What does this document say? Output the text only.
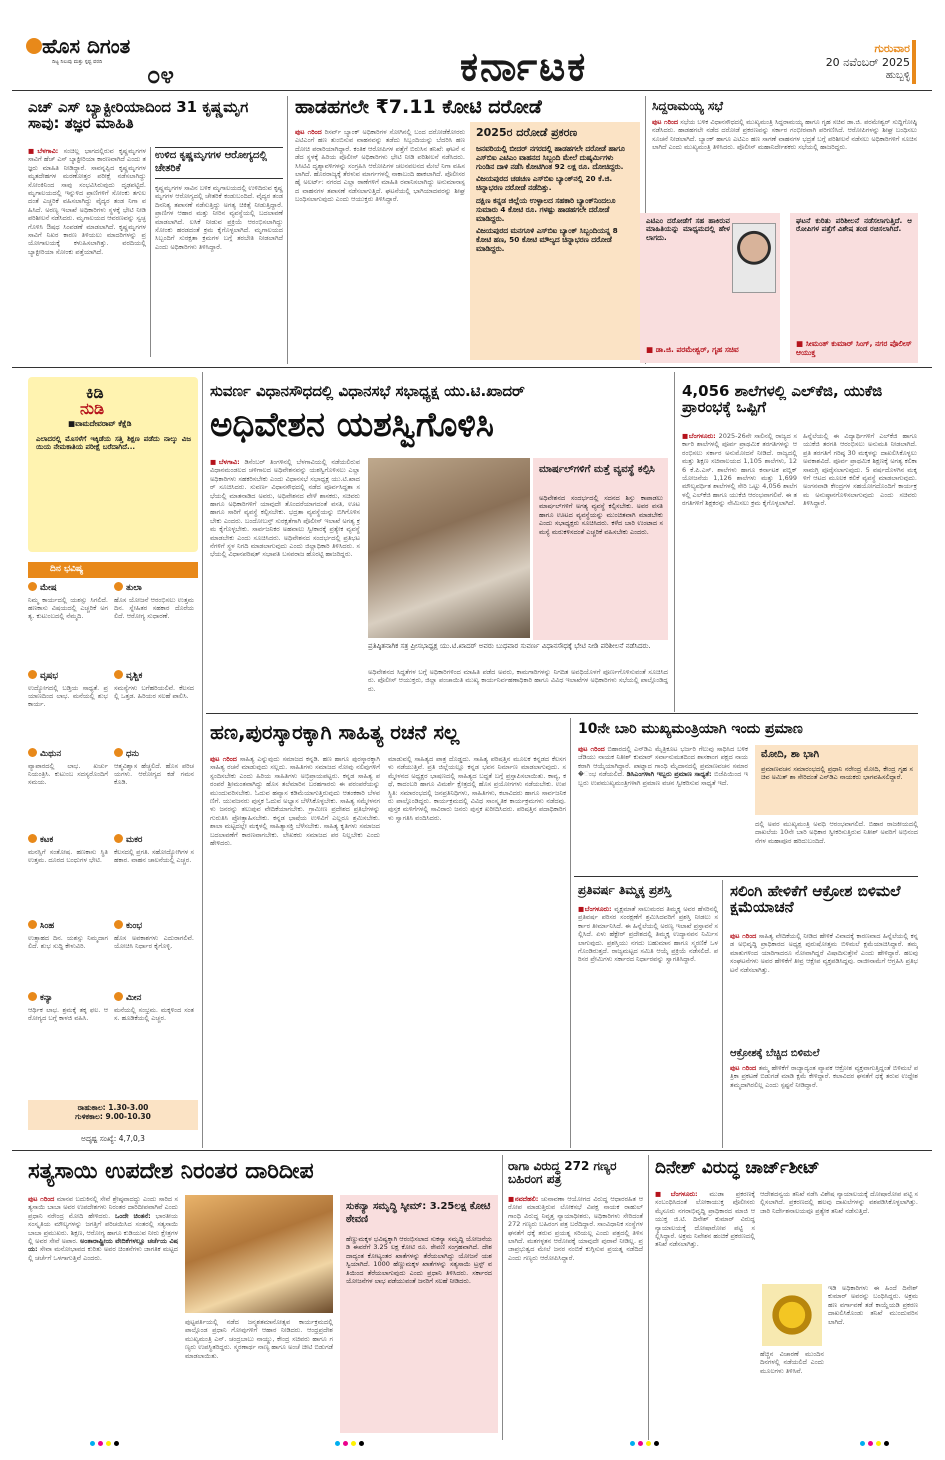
ಹೊಸ ದಿಗಂತ
ದಿಟ್ಟ ನಿಲುವು ಮತ್ತು ಸ್ಪಷ್ಟ ವರದಿ ೦೪	ಕರ್ನಾಟಕ	ಗುರುವಾರ
20 ನವೆಂಬರ್ 2025
ಹುಬ್ಬಳ್ಳಿ
ಎಚ್ ಎಸ್ ಬ್ಯಾಕ್ಟೀರಿಯಾದಿಂದ 31 ಕೃಷ್ಣಮೃಗ ಸಾವು: ತಜ್ಞರ ಮಾಹಿತಿ
■ಬೆಳಗಾವಿ: ಸಂಚಿಲ್ಲ ಭಾಗದಲ್ಲಿರುವ ಕೃಷ್ಣಮೃಗಗಳ ಸಾವಿಗೆ ಹೆಚ್ ಎಸ್ ಬ್ಯಾಕ್ಟೀರಿಯಾ ಕಾರಣವಾಗಿದೆ ಎಂದು ತಜ್ಞರು ಮಾಹಿತಿ ನೀಡಿದ್ದಾರೆ. ಸಾವನ್ನಪ್ಪಿದ ಕೃಷ್ಣಮೃಗಗಳ ಮೃತದೇಹಗಳ ಮರಣೋತ್ತರ ಪರೀಕ್ಷೆ ನಡೆಸಲಾಗಿದ್ದು ಸೋಂಕಿನಿಂದ ಸಾವು ಸಂಭವಿಸಿರುವುದು ದೃಢಪಟ್ಟಿದೆ. ಮೃಗಾಲಯದಲ್ಲಿ ಇನ್ನುಳಿದ ಪ್ರಾಣಿಗಳಿಗೆ ಸೋಂಕು ತಗುಲದಂತೆ ಎಚ್ಚರಿಕೆ ವಹಿಸಲಾಗಿದ್ದು ವೈದ್ಯರ ತಂಡ ನಿಗಾ ವಹಿಸಿದೆ. ಅರಣ್ಯ ಇಲಾಖೆ ಅಧಿಕಾರಿಗಳು ಸ್ಥಳಕ್ಕೆ ಭೇಟಿ ನೀಡಿ ಪರಿಶೀಲನೆ ನಡೆಸಿದರು. ಮೃಗಾಲಯದ ಆವರಣವನ್ನು ಸ್ವಚ್ಛಗೊಳಿಸಿ ಔಷಧ ಸಿಂಪಡಣೆ ಮಾಡಲಾಗಿದೆ. ಕೃಷ್ಣಮೃಗಗಳ ಸಾವಿಗೆ ನಿಖರ ಕಾರಣ ತಿಳಿಯಲು ಮಾದರಿಗಳನ್ನು ಪ್ರಯೋಗಾಲಯಕ್ಕೆ ಕಳುಹಿಸಲಾಗಿತ್ತು. ವರದಿಯಲ್ಲಿ ಬ್ಯಾಕ್ಟೀರಿಯಾ ಸೋಂಕು ಪತ್ತೆಯಾಗಿದೆ.
ಉಳಿದ ಕೃಷ್ಣಮೃಗಗಳ ಆರೋಗ್ಯದಲ್ಲಿ ಚೇತರಿಕೆ
ಕೃಷ್ಣಮೃಗಗಳ ಸಾವಿನ ಬಳಿಕ ಮೃಗಾಲಯದಲ್ಲಿ ಉಳಿದಿರುವ ಕೃಷ್ಣಮೃಗಗಳ ಆರೋಗ್ಯದಲ್ಲಿ ಚೇತರಿಕೆ ಕಂಡುಬಂದಿದೆ. ವೈದ್ಯರ ತಂಡ ದಿನನಿತ್ಯ ತಪಾಸಣೆ ನಡೆಸುತ್ತಿದ್ದು ಅಗತ್ಯ ಚಿಕಿತ್ಸೆ ನೀಡುತ್ತಿದ್ದಾರೆ. ಪ್ರಾಣಿಗಳ ಆಹಾರ ಮತ್ತು ನೀರಿನ ವ್ಯವಸ್ಥೆಯಲ್ಲಿ ಬದಲಾವಣೆ ಮಾಡಲಾಗಿದೆ. ಲಸಿಕೆ ನೀಡುವ ಪ್ರಕ್ರಿಯೆ ಆರಂಭಿಸಲಾಗಿದ್ದು ಸೋಂಕು ಹರಡದಂತೆ ಕ್ರಮ ಕೈಗೊಳ್ಳಲಾಗಿದೆ. ಮೃಗಾಲಯದ ಸಿಬ್ಬಂದಿಗೆ ಸುರಕ್ಷತಾ ಕ್ರಮಗಳ ಬಗ್ಗೆ ತರಬೇತಿ ನೀಡಲಾಗಿದೆ ಎಂದು ಅಧಿಕಾರಿಗಳು ತಿಳಿಸಿದ್ದಾರೆ.
ಹಾಡಹಗಲೇ ₹7.11 ಕೋಟಿ ದರೋಡೆ
ಪುಟ ೧ರಿಂದ ರಿಸರ್ವ್ ಬ್ಯಾಂಕ್ ಅಧಿಕಾರಿಗಳ ಸೋಗಿನಲ್ಲಿ ಬಂದ ದರೋಡೆಕೋರರು ಎಟಿಎಂಗೆ ಹಣ ತುಂಬಿಸುವ ವಾಹನವನ್ನು ತಡೆದು ಸಿಬ್ಬಂದಿಯನ್ನು ಬೆದರಿಸಿ ಹಣ ದೋಚಿ ಪರಾರಿಯಾಗಿದ್ದಾರೆ. ಕಂತಿಕ ಆರೋಪಿಗಳ ಪತ್ತೆಗೆ ಬಿರುಸಿನ ತನಿಖೆ: ಘಟನೆ ನಡೆದ ಸ್ಥಳಕ್ಕೆ ಹಿರಿಯ ಪೊಲೀಸ್ ಅಧಿಕಾರಿಗಳು ಭೇಟಿ ನೀಡಿ ಪರಿಶೀಲನೆ ನಡೆಸಿದರು. ಸಿಸಿಟಿವಿ ದೃಶ್ಯಾವಳಿಗಳನ್ನು ಸಂಗ್ರಹಿಸಿ ಆರೋಪಿಗಳ ಚಲನವಲನದ ಮೇಲೆ ನಿಗಾ ವಹಿಸಲಾಗಿದೆ. ಹೊರರಾಜ್ಯಕ್ಕೆ ತೆರಳುವ ಮಾರ್ಗಗಳಲ್ಲಿ ನಾಕಾಬಂದಿ ಹಾಕಲಾಗಿದೆ. ಪೊಲೀಸರ ಹೈ ಅಲರ್ಟ್: ನಗರದ ಎಲ್ಲಾ ಠಾಣೆಗಳಿಗೆ ಮಾಹಿತಿ ರವಾನಿಸಲಾಗಿದ್ದು ಅನುಮಾನಾಸ್ಪದ ವಾಹನಗಳ ತಪಾಸಣೆ ನಡೆಸಲಾಗುತ್ತಿದೆ. ಘಟನೆಯಲ್ಲಿ ಭಾಗಿಯಾದವರನ್ನು ಶೀಘ್ರ ಬಂಧಿಸಲಾಗುವುದು ಎಂದು ಆಯುಕ್ತರು ತಿಳಿಸಿದ್ದಾರೆ.
2025ರ ದರೋಡೆ ಪ್ರಕರಣ
ಜನವರಿಯಲ್ಲಿ ಬೀದರ್ ನಗರದಲ್ಲಿ ಹಾಡಹಗಲೇ ದರೋಡೆ ಹಾಗೂ ಎಸ್‌ಬಿಐ ಎಟಿಎಂ ವಾಹನದ ಸಿಬ್ಬಂದಿ ಮೇಲೆ ದುಷ್ಕರ್ಮಿಗಳು ಗುಂಡಿನ ದಾಳಿ ನಡೆಸಿ ಕೋಟಿಗಿಂತ 92 ಲಕ್ಷ ರೂ. ದೋಚಿದ್ದರು.
ವಿಜಯಪುರದ ಚಡಚಣ ಎಸ್‌ಬಿಐ ಬ್ಯಾಂಕ್‌ನಲ್ಲಿ 20 ಕೆ.ಜಿ. ಚಿನ್ನಾಭರಣ ದರೋಡೆ ನಡೆದಿತ್ತು.
ದಕ್ಷಿಣ ಕನ್ನಡ ಜಿಲ್ಲೆಯ ಉಳ್ಳಾಲದ ಸಹಕಾರಿ ಬ್ಯಾಂಕ್‌ನಿಂದಲೂ ಸುಮಾರು 4 ಕೋಟಿ ರೂ. ಗಳಷ್ಟು ಹಾಡಹಗಲೇ ದರೋಡೆ ಮಾಡಿದ್ದರು.
ವಿಜಯಪುರದ ಮನಗೂಳಿ ಎಸ್‌ಬಿಐ ಬ್ಯಾಂಕ್ ಸಿಬ್ಬಂದಿಯನ್ನ 8 ಕೋಟಿ ಹಣ, 50 ಕೋಟಿ ಮೌಲ್ಯದ ಚಿನ್ನಾಭರಣ ದರೋಡೆ ಮಾಡಿದ್ದರು.
ಸಿದ್ದರಾಮಯ್ಯ ಸಭೆ
ಪುಟ ೧ರಿಂದ ಸಭೆಯ ಬಳಿಕ ವಿಧಾನಸೌಧದಲ್ಲಿ ಮುಖ್ಯಮಂತ್ರಿ ಸಿದ್ದರಾಮಯ್ಯ ಹಾಗೂ ಗೃಹ ಸಚಿವ ಡಾ.ಜಿ. ಪರಮೇಶ್ವರ್ ಸುದ್ದಿಗೋಷ್ಠಿ ನಡೆಸಿದರು. ಹಾಡಹಗಲೇ ನಡೆದ ದರೋಡೆ ಪ್ರಕರಣವನ್ನು ಸರ್ಕಾರ ಗಂಭೀರವಾಗಿ ಪರಿಗಣಿಸಿದೆ. ಆರೋಪಿಗಳನ್ನು ಶೀಘ್ರ ಬಂಧಿಸಲು ಸೂಚನೆ ನೀಡಲಾಗಿದೆ. ಬ್ಯಾಂಕ್ ಹಾಗೂ ಎಟಿಎಂ ಹಣ ಸಾಗಣೆ ವಾಹನಗಳ ಭದ್ರತೆ ಬಗ್ಗೆ ಪರಿಶೀಲನೆ ನಡೆಸಲು ಅಧಿಕಾರಿಗಳಿಗೆ ಸೂಚಿಸಲಾಗಿದೆ ಎಂದು ಮುಖ್ಯಮಂತ್ರಿ ತಿಳಿಸಿದರು. ಪೊಲೀಸ್ ಮಹಾನಿರ್ದೇಶಕರು ಸಭೆಯಲ್ಲಿ ಹಾಜರಿದ್ದರು.
ಎಟಿಎಂ ದರೋಡೆಗೆ ಸಹ ಹಾಕಿರುವ ಮಾಹಿತಿಯನ್ನು ಮಾಧ್ಯಮದಲ್ಲಿ ಹೇಳಲಾಗದು.
■ ಡಾ.ಜಿ. ಪರಮೇಶ್ವರ್, ಗೃಹ ಸಚಿವ
ಘಟನೆ ಕುರಿತು ಪರಿಶೀಲನೆ ನಡೆಸಲಾಗುತ್ತಿದೆ. ಆರೋಪಿಗಳ ಪತ್ತೆಗೆ ವಿಶೇಷ ತಂಡ ರಚಿಸಲಾಗಿದೆ.
■ ಸೀಮಂತ್ ಕುಮಾರ್ ಸಿಂಗ್, ನಗರ ಪೊಲೀಸ್ ಆಯುಕ್ತ
ಕಿಡಿ
ನುಡಿ
■ವಾಮದೇವರಾವ್ ಕೆಕ್ಷೆಡಿ
ಎಲಾದರಲ್ಲಿ ಮೊಸಳೆಗೆ ಇಕ್ಕಿಡೆಯ ಸತ್ತಿ ಶಿಕ್ಷಣ ಪಡೆದು ನಾಲ್ಕು ವಿಜಯಿಯ ನೇಮಕಾತಿಯ ಪರೀಕ್ಷೆ ಬರೆದಾಗಿದೆ...
ದಿನ ಭವಿಷ್ಯ
ಮೇಷ
ನಿಮ್ಮ ಕಾರ್ಯದಲ್ಲಿ ಯಶಸ್ಸು ಸಿಗಲಿದೆ. ಹಣಕಾಸು ವಿಷಯದಲ್ಲಿ ಎಚ್ಚರಿಕೆ ಅಗತ್ಯ. ಕುಟುಂಬದಲ್ಲಿ ನೆಮ್ಮದಿ.
ತುಲಾ
ಹೊಸ ಯೋಜನೆ ಆರಂಭಿಸಲು ಉತ್ತಮ ದಿನ. ಸ್ನೇಹಿತರ ಸಹಕಾರ ದೊರೆಯಲಿದೆ. ಆರೋಗ್ಯ ಸುಧಾರಣೆ.
ವೃಷಭ
ಉದ್ಯೋಗದಲ್ಲಿ ಬಡ್ತಿಯ ಸಾಧ್ಯತೆ. ಪ್ರಯಾಣದಿಂದ ಲಾಭ. ಮನೆಯಲ್ಲಿ ಶುಭಕಾರ್ಯ.
ವೃಶ್ಚಿಕ
ಸಮಸ್ಯೆಗಳು ಬಗೆಹರಿಯಲಿವೆ. ಕೆಲಸದಲ್ಲಿ ಒತ್ತಡ. ಹಿರಿಯರ ಸಲಹೆ ಪಾಲಿಸಿ.
ಮಿಥುನ
ವ್ಯಾಪಾರದಲ್ಲಿ ಲಾಭ. ಖರ್ಚು ನಿಯಂತ್ರಿಸಿ. ಕುಟುಂಬ ಸದಸ್ಯರೊಂದಿಗೆ ಸಮಯ.
ಧನು
ಆತ್ಮವಿಶ್ವಾಸ ಹೆಚ್ಚಲಿದೆ. ಹೊಸ ಪರಿಚಯಗಳು. ಆರೋಗ್ಯದ ಕಡೆ ಗಮನ ಕೊಡಿ.
ಕಟಕ
ಮನಸ್ಸಿಗೆ ಸಂತೋಷ. ಹಣಕಾಸು ಸ್ಥಿತಿ ಉತ್ತಮ. ದೂರದ ಬಂಧುಗಳ ಭೇಟಿ.
ಮಕರ
ಕೆಲಸದಲ್ಲಿ ಪ್ರಗತಿ. ಸಹೋದ್ಯೋಗಿಗಳ ಸಹಕಾರ. ವಾಹನ ಚಾಲನೆಯಲ್ಲಿ ಎಚ್ಚರ.
ಸಿಂಹ
ಉತ್ಸಾಹದ ದಿನ. ಯಶಸ್ಸು ನಿಮ್ಮದಾಗಲಿದೆ. ಶುಭ ಸುದ್ದಿ ಕೇಳುವಿರಿ.
ಕುಂಭ
ಹೊಸ ಅವಕಾಶಗಳು ಎದುರಾಗಲಿವೆ. ಯೋಚಿಸಿ ನಿರ್ಧಾರ ಕೈಗೊಳ್ಳಿ.
ಕನ್ಯಾ
ಆರ್ಥಿಕ ಲಾಭ. ಶ್ರಮಕ್ಕೆ ತಕ್ಕ ಫಲ. ಆರೋಗ್ಯದ ಬಗ್ಗೆ ಕಾಳಜಿ ವಹಿಸಿ.
ಮೀನ
ಮನೆಯಲ್ಲಿ ಸಂಭ್ರಮ. ಮಕ್ಕಳಿಂದ ಸಂತಸ. ಹೂಡಿಕೆಯಲ್ಲಿ ಎಚ್ಚರ.
ರಾಹುಕಾಲ: 1.30-3.00
ಗುಳಿಕಕಾಲ: 9.00-10.30
ಅದೃಷ್ಟ ಸಂಖ್ಯೆ: 4,7,0,3
ಸುವರ್ಣ ವಿಧಾನಸೌಧದಲ್ಲಿ ವಿಧಾನಸಭೆ ಸಭಾಧ್ಯಕ್ಷ ಯು.ಟಿ.ಖಾದರ್
ಅಧಿವೇಶನ ಯಶಸ್ವಿಗೊಳಿಸಿ
■ಬೆಳಗಾವಿ: ಡಿಸೆಂಬರ್ ತಿಂಗಳಿನಲ್ಲಿ ಬೆಳಗಾವಿಯಲ್ಲಿ ನಡೆಯಲಿರುವ ವಿಧಾನಮಂಡಲದ ಚಳಿಗಾಲದ ಅಧಿವೇಶನವನ್ನು ಯಶಸ್ವಿಗೊಳಿಸಲು ಎಲ್ಲಾ ಅಧಿಕಾರಿಗಳು ಸಹಕರಿಸಬೇಕು ಎಂದು ವಿಧಾನಸಭೆ ಸಭಾಧ್ಯಕ್ಷ ಯು.ಟಿ.ಖಾದರ್ ಸೂಚಿಸಿದರು. ಸುವರ್ಣ ವಿಧಾನಸೌಧದಲ್ಲಿ ನಡೆದ ಪೂರ್ವಸಿದ್ಧತಾ ಸಭೆಯಲ್ಲಿ ಮಾತನಾಡಿದ ಅವರು, ಅಧಿವೇಶನದ ವೇಳೆ ಶಾಸಕರು, ಸಚಿವರು ಹಾಗೂ ಅಧಿಕಾರಿಗಳಿಗೆ ಯಾವುದೇ ತೊಂದರೆಯಾಗದಂತೆ ವಸತಿ, ಊಟ ಹಾಗೂ ಸಾರಿಗೆ ವ್ಯವಸ್ಥೆ ಕಲ್ಪಿಸಬೇಕು. ಭದ್ರತಾ ವ್ಯವಸ್ಥೆಯನ್ನು ಬಿಗಿಗೊಳಿಸಬೇಕು ಎಂದರು. ಬಂದೋಬಸ್ತ್ ಸುರಕ್ಷತೆಗಾಗಿ ಪೊಲೀಸ್ ಇಲಾಖೆ ಅಗತ್ಯ ಕ್ರಮ ಕೈಗೊಳ್ಳಬೇಕು. ಸಾರ್ವಜನಿಕರ ಅಹವಾಲು ಸ್ವೀಕಾರಕ್ಕೆ ಪ್ರತ್ಯೇಕ ವ್ಯವಸ್ಥೆ ಮಾಡಬೇಕು ಎಂದು ಸೂಚಿಸಿದರು. ಅಧಿವೇಶನದ ಸಂದರ್ಭದಲ್ಲಿ ಪ್ರತಿಭಟನೆಗಳಿಗೆ ಸ್ಥಳ ನಿಗದಿ ಮಾಡಲಾಗುವುದು ಎಂದು ಜಿಲ್ಲಾಧಿಕಾರಿ ತಿಳಿಸಿದರು. ಸಭೆಯಲ್ಲಿ ವಿಧಾನಪರಿಷತ್ ಸಭಾಪತಿ ಬಸವರಾಜ ಹೊರಟ್ಟಿ ಹಾಜರಿದ್ದರು.
ಮಾರ್ಷಲ್‌ಗಳಿಗೆ ಮತ್ತೆ ವ್ಯವಸ್ಥೆ ಕಲ್ಪಿಸಿ
ಅಧಿವೇಶನದ ಸಂದರ್ಭದಲ್ಲಿ ಸದನದ ಶಿಸ್ತು ಕಾಪಾಡಲು ಮಾರ್ಷಲ್‌ಗಳಿಗೆ ಅಗತ್ಯ ವ್ಯವಸ್ಥೆ ಕಲ್ಪಿಸಬೇಕು. ಅವರ ವಸತಿ ಹಾಗೂ ಊಟದ ವ್ಯವಸ್ಥೆಯನ್ನು ಮುಂಚಿತವಾಗಿ ಮಾಡಬೇಕು ಎಂದು ಸಭಾಧ್ಯಕ್ಷರು ಸೂಚಿಸಿದರು. ಕಳೆದ ಬಾರಿ ಉಂಟಾದ ಸಮಸ್ಯೆ ಮರುಕಳಿಸದಂತೆ ಎಚ್ಚರಿಕೆ ವಹಿಸಬೇಕು ಎಂದರು.
ಪ್ರತಿಷ್ಠಿತನಾಗಿಕ ಸತ್ರ ಪ್ರೀಸಭಾಧ್ಯಕ್ಷ ಯು.ಟಿ.ಖಾದರ್ ಅವರು ಬುಧವಾರ ಸುವರ್ಣ ವಿಧಾನಸೌಧಕ್ಕೆ ಭೇಟಿ ನೀಡಿ ಪರಿಶೀಲನೆ ನಡೆಸಿದರು.
ಅಧಿವೇಶನದ ಸಿದ್ಧತೆಗಳ ಬಗ್ಗೆ ಅಧಿಕಾರಿಗಳಿಂದ ಮಾಹಿತಿ ಪಡೆದ ಅವರು, ಕಾಮಗಾರಿಗಳನ್ನು ನಿಗದಿತ ಅವಧಿಯೊಳಗೆ ಪೂರ್ಣಗೊಳಿಸುವಂತೆ ಸೂಚಿಸಿದರು. ಪೊಲೀಸ್ ಆಯುಕ್ತರು, ಜಿಲ್ಲಾ ಪಂಚಾಯಿತಿ ಮುಖ್ಯ ಕಾರ್ಯನಿರ್ವಹಣಾಧಿಕಾರಿ ಹಾಗೂ ವಿವಿಧ ಇಲಾಖೆಗಳ ಅಧಿಕಾರಿಗಳು ಸಭೆಯಲ್ಲಿ ಪಾಲ್ಗೊಂಡಿದ್ದರು.
4,056 ಶಾಲೆಗಳಲ್ಲಿ ಎಲ್‌ಕೆಜಿ, ಯುಕೆಜಿ ಪ್ರಾರಂಭಕ್ಕೆ ಒಪ್ಪಿಗೆ
■ಬೆಂಗಳೂರು: 2025-26ನೇ ಸಾಲಿನಲ್ಲಿ ರಾಜ್ಯದ ಸರ್ಕಾರಿ ಶಾಲೆಗಳಲ್ಲಿ ಪೂರ್ವ ಪ್ರಾಥಮಿಕ ತರಗತಿಗಳನ್ನು ಆರಂಭಿಸಲು ಸರ್ಕಾರ ಅನುಮೋದನೆ ನೀಡಿದೆ. ರಾಜ್ಯದಲ್ಲಿ ಮತ್ತು ಶಿಕ್ಷಣ ಸಚಿವಾಲಯದ 1,105 ಶಾಲೆಗಳು, 126 ಕೆ.ಪಿ.ಎಸ್. ಶಾಲೆಗಳು ಹಾಗೂ ಕರ್ನಾಟಕ ಪಬ್ಲಿಕ್ ಯೋಜನೆಯ 1,126 ಶಾಲೆಗಳು ಮತ್ತು 1,699 ಮೌಲ್ಯವರ್ಧಿತ ಶಾಲೆಗಳಲ್ಲಿ ಸೇರಿ ಒಟ್ಟು 4,056 ಶಾಲೆಗಳಲ್ಲಿ ಎಲ್‌ಕೆಜಿ ಹಾಗೂ ಯುಕೆಜಿ ಆರಂಭವಾಗಲಿವೆ. ಈ ತರಗತಿಗಳಿಗೆ ಶಿಕ್ಷಕರನ್ನು ನೇಮಿಸಲು ಕ್ರಮ ಕೈಗೊಳ್ಳಲಾಗಿದೆ.
ಹಿನ್ನೆಲೆಯಲ್ಲಿ ಈ ವಿದ್ಯಾರ್ಥಿಗಳಿಗೆ ಎಲ್‌ಕೆಜಿ ಹಾಗೂ ಯುಕೆಜಿ ತರಗತಿ ಆರಂಭಿಸಲು ಅನುಮತಿ ನೀಡಲಾಗಿದೆ. ಪ್ರತಿ ತರಗತಿಗೆ ಗರಿಷ್ಠ 30 ಮಕ್ಕಳನ್ನು ದಾಖಲಿಸಿಕೊಳ್ಳಲು ಅವಕಾಶವಿದೆ. ಪೂರ್ವ ಪ್ರಾಥಮಿಕ ಶಿಕ್ಷಣಕ್ಕೆ ಅಗತ್ಯ ಕಲಿಕಾ ಸಾಮಗ್ರಿ ಪೂರೈಸಲಾಗುವುದು. 5 ವರ್ಷದೊಳಗಿನ ಮಕ್ಕಳಿಗೆ ಆಟದ ಮೂಲಕ ಕಲಿಕೆ ವ್ಯವಸ್ಥೆ ಮಾಡಲಾಗುವುದು. ಅಂಗನವಾಡಿ ಕೇಂದ್ರಗಳ ಸಹಯೋಗದೊಂದಿಗೆ ಕಾರ್ಯಕ್ರಮ ಅನುಷ್ಠಾನಗೊಳಿಸಲಾಗುವುದು ಎಂದು ಸಚಿವರು ತಿಳಿಸಿದ್ದಾರೆ.
ಹಣ,ಪುರಸ್ಕಾರಕ್ಕಾಗಿ ಸಾಹಿತ್ಯ ರಚನೆ ಸಲ್ಲ
ಪುಟ ೧ರಿಂದ ಸಾಹಿತ್ಯ ಎನ್ನುವುದು ಸಮಾಜದ ಕನ್ನಡಿ. ಹಣ ಹಾಗೂ ಪುರಸ್ಕಾರಕ್ಕಾಗಿ ಸಾಹಿತ್ಯ ರಚನೆ ಮಾಡುವುದು ಸಲ್ಲದು. ಸಾಹಿತಿಗಳು ಸಮಾಜದ ನೋವು ನಲಿವುಗಳಿಗೆ ಸ್ಪಂದಿಸಬೇಕು ಎಂದು ಹಿರಿಯ ಸಾಹಿತಿಗಳು ಅಭಿಪ್ರಾಯಪಟ್ಟರು. ಕನ್ನಡ ಸಾಹಿತ್ಯ ಪರಂಪರೆ ಶ್ರೀಮಂತವಾಗಿದ್ದು ಹೊಸ ತಲೆಮಾರಿನ ಬರಹಗಾರರು ಈ ಪರಂಪರೆಯನ್ನು ಮುಂದುವರಿಸಬೇಕು. ಓದುವ ಹವ್ಯಾಸ ಕಡಿಮೆಯಾಗುತ್ತಿರುವುದು ಆತಂಕಕಾರಿ ಬೆಳವಣಿಗೆ. ಯುವಜನರು ಪುಸ್ತಕ ಓದುವ ಅಭ್ಯಾಸ ಬೆಳೆಸಿಕೊಳ್ಳಬೇಕು. ಸಾಹಿತ್ಯ ಸಮ್ಮೇಳನಗಳು ಜನರನ್ನು ತಲುಪುವ ವೇದಿಕೆಯಾಗಬೇಕು. ಗ್ರಾಮೀಣ ಪ್ರದೇಶದ ಪ್ರತಿಭೆಗಳನ್ನು ಗುರುತಿಸಿ ಪ್ರೋತ್ಸಾಹಿಸಬೇಕು. ಕನ್ನಡ ಭಾಷೆಯ ಉಳಿವಿಗೆ ಎಲ್ಲರೂ ಶ್ರಮಿಸಬೇಕು. ಶಾಲಾ ಮಟ್ಟದಲ್ಲೇ ಮಕ್ಕಳಲ್ಲಿ ಸಾಹಿತ್ಯಾಸಕ್ತಿ ಬೆಳೆಸಬೇಕು. ಸಾಹಿತ್ಯ ಕೃತಿಗಳು ಸಮಾಜದ ಬದಲಾವಣೆಗೆ ಕಾರಣವಾಗಬೇಕು. ಲೇಖಕರು ಸಮಾಜದ ಪರ ನಿಲ್ಲಬೇಕು ಎಂದು ಹೇಳಿದರು.
ಮಾಡುವಲ್ಲಿ ಸಾಹಿತ್ಯದ ಪಾತ್ರ ದೊಡ್ಡದು. ಸಾಹಿತ್ಯ ಪರಿಷತ್ತಿನ ಮೂಲಕ ಕನ್ನಡದ ಕೆಲಸಗಳು ನಡೆಯುತ್ತಿವೆ. ಪ್ರತಿ ಜಿಲ್ಲೆಯಲ್ಲೂ ಕನ್ನಡ ಭವನ ನಿರ್ಮಾಣ ಮಾಡಲಾಗುವುದು. ಸಮ್ಮೇಳನದ ಅಧ್ಯಕ್ಷರ ಭಾಷಣದಲ್ಲಿ ಸಾಹಿತ್ಯದ ಬದ್ಧತೆ ಬಗ್ಗೆ ಪ್ರಸ್ತಾಪಿಸಲಾಯಿತು. ಕಾವ್ಯ, ಕಥೆ, ಕಾದಂಬರಿ ಹಾಗೂ ವಿಮರ್ಶೆ ಕ್ಷೇತ್ರದಲ್ಲಿ ಹೊಸ ಪ್ರಯೋಗಗಳು ನಡೆಯಬೇಕು. ಉಪಸ್ಥಿತಿ: ಸಮಾರಂಭದಲ್ಲಿ ಜನಪ್ರತಿನಿಧಿಗಳು, ಸಾಹಿತಿಗಳು, ಕಲಾವಿದರು ಹಾಗೂ ಸಾರ್ವಜನಿಕರು ಪಾಲ್ಗೊಂಡಿದ್ದರು. ಕಾರ್ಯಕ್ರಮದಲ್ಲಿ ವಿವಿಧ ಸಾಂಸ್ಕೃತಿಕ ಕಾರ್ಯಕ್ರಮಗಳು ನಡೆದವು. ಪುಸ್ತಕ ಮಳಿಗೆಗಳಲ್ಲಿ ಸಾವಿರಾರು ಜನರು ಪುಸ್ತಕ ಖರೀದಿಸಿದರು. ಪರಿಷತ್ತಿನ ಪದಾಧಿಕಾರಿಗಳು ಸ್ವಾಗತಿಸಿ ವಂದಿಸಿದರು.
10ನೇ ಬಾರಿ ಮುಖ್ಯಮಂತ್ರಿಯಾಗಿ ಇಂದು ಪ್ರಮಾಣ
ಪುಟ ೧ರಿಂದ ಬಿಹಾರದಲ್ಲಿ ಎನ್‌ಡಿಎ ಮೈತ್ರಿಕೂಟ ಭರ್ಜರಿ ಗೆಲುವು ಸಾಧಿಸಿದ ಬಳಿಕ ಜೆಡಿಯು ನಾಯಕ ನಿತೀಶ್ ಕುಮಾರ್ ಸರ್ವಾನುಮತದಿಂದ ಶಾಸಕಾಂಗ ಪಕ್ಷದ ನಾಯಕರಾಗಿ ಆಯ್ಕೆಯಾಗಿದ್ದಾರೆ. ಪಾಟ್ನಾದ ಗಾಂಧಿ ಮೈದಾನದಲ್ಲಿ ಪ್ರಮಾಣವಚನ ಸಮಾರ�ಂಭ ನಡೆಯಲಿದೆ. ಡಿಸಿಎಂಗಳಾಗಿ ಇಬ್ಬರು ಪ್ರಮಾಣ ಸಾಧ್ಯತೆ: ಬಿಜೆಪಿಯಿಂದ ಇಬ್ಬರು ಉಪಮುಖ್ಯಮಂತ್ರಿಗಳಾಗಿ ಪ್ರಮಾಣ ವಚನ ಸ್ವೀಕರಿಸುವ ಸಾಧ್ಯತೆ ಇದೆ.
ಮೋದಿ, ಶಾ ಭಾಗಿ
ಪ್ರಮಾಣವಚನ ಸಮಾರಂಭದಲ್ಲಿ ಪ್ರಧಾನಿ ನರೇಂದ್ರ ಮೋದಿ, ಕೇಂದ್ರ ಗೃಹ ಸಚಿವ ಅಮಿತ್ ಶಾ ಸೇರಿದಂತೆ ಎನ್‌ಡಿಎ ನಾಯಕರು ಭಾಗವಹಿಸಲಿದ್ದಾರೆ.
ದಲ್ಲಿ ಅವರ ಮುಖ್ಯಮಂತ್ರಿ ಅವಧಿ ಆರಂಭವಾಗಲಿದೆ. ಬಿಹಾರ ರಾಜಕೀಯದಲ್ಲಿ ದಾಖಲೆಯ 10ನೇ ಬಾರಿ ಅಧಿಕಾರ ಸ್ವೀಕರಿಸುತ್ತಿರುವ ನಿತೀಶ್ ಅವರಿಗೆ ಅಭಿನಂದನೆಗಳ ಮಹಾಪೂರ ಹರಿದುಬಂದಿದೆ.
ಪ್ರತಿವರ್ಷ ತಿಮ್ಮಕ್ಕ ಪ್ರಶಸ್ತಿ
■ಬೆಂಗಳೂರು: ವೃಕ್ಷಮಾತೆ ಸಾಲುಮರದ ತಿಮ್ಮಕ್ಕ ಅವರ ಹೆಸರಿನಲ್ಲಿ ಪ್ರತಿವರ್ಷ ಪರಿಸರ ಸಂರಕ್ಷಣೆಗೆ ಶ್ರಮಿಸಿದವರಿಗೆ ಪ್ರಶಸ್ತಿ ನೀಡಲು ಸರ್ಕಾರ ತೀರ್ಮಾನಿಸಿದೆ. ಈ ಹಿನ್ನೆಲೆಯಲ್ಲಿ ಅರಣ್ಯ ಇಲಾಖೆ ಪ್ರಸ್ತಾವನೆ ಸಲ್ಲಿಸಿದೆ. ಏಳು ಹೆಕ್ಟೇರ್ ಪ್ರದೇಶದಲ್ಲಿ ತಿಮ್ಮಕ್ಕ ಉದ್ಯಾನವನ ನಿರ್ಮಿಸಲಾಗುವುದು. ಪ್ರಶಸ್ತಿಯು ನಗದು ಬಹುಮಾನ ಹಾಗೂ ಸ್ಮರಣಿಕೆ ಒಳಗೊಂಡಿರುತ್ತದೆ. ರಾಜ್ಯಮಟ್ಟದ ಸಮಿತಿ ಆಯ್ಕೆ ಪ್ರಕ್ರಿಯೆ ನಡೆಸಲಿದೆ. ಪರಿಸರ ಪ್ರೇಮಿಗಳು ಸರ್ಕಾರದ ನಿರ್ಧಾರವನ್ನು ಸ್ವಾಗತಿಸಿದ್ದಾರೆ.
ಸಲಿಂಗಿ ಹೇಳಿಕೆಗೆ ಆಕ್ರೋಶ ಬಿಳಿಮಲೆ ಕ್ಷಮೆಯಾಚನೆ
ಪುಟ ೧ರಿಂದ ಸಾಹಿತ್ಯ ವೇದಿಕೆಯಲ್ಲಿ ನೀಡಿದ ಹೇಳಿಕೆ ವಿವಾದಕ್ಕೆ ಕಾರಣವಾದ ಹಿನ್ನೆಲೆಯಲ್ಲಿ ಕನ್ನಡ ಅಭಿವೃದ್ಧಿ ಪ್ರಾಧಿಕಾರದ ಅಧ್ಯಕ್ಷ ಪುರುಷೋತ್ತಮ ಬಿಳಿಮಲೆ ಕ್ಷಮೆಯಾಚಿಸಿದ್ದಾರೆ. ತಮ್ಮ ಮಾತುಗಳಿಂದ ಯಾರಿಗಾದರೂ ನೋವಾಗಿದ್ದರೆ ವಿಷಾದಿಸುತ್ತೇನೆ ಎಂದು ಹೇಳಿದ್ದಾರೆ. ಹಲವು ಸಂಘಟನೆಗಳು ಅವರ ಹೇಳಿಕೆಗೆ ತೀವ್ರ ಆಕ್ಷೇಪ ವ್ಯಕ್ತಪಡಿಸಿದ್ದವು. ರಾಜೀನಾಮೆಗೆ ಆಗ್ರಹಿಸಿ ಪ್ರತಿಭಟನೆ ನಡೆಸಲಾಗಿತ್ತು.
ಆಕ್ರೋಶಕ್ಕೆ ಬೆಚ್ಚಿದ ಬಿಳಿಮಲೆ
ಪುಟ ೧ರಿಂದ ತಮ್ಮ ಹೇಳಿಕೆಗೆ ರಾಜ್ಯಾದ್ಯಂತ ವ್ಯಾಪಕ ಆಕ್ರೋಶ ವ್ಯಕ್ತವಾಗುತ್ತಿದ್ದಂತೆ ಬಿಳಿಮಲೆ ಪತ್ರಿಕಾ ಪ್ರಕಟಣೆ ಬಿಡುಗಡೆ ಮಾಡಿ ಕ್ಷಮೆ ಕೇಳಿದ್ದಾರೆ. ಕಲಾವಿದರ ಘನತೆಗೆ ಧಕ್ಕೆ ತರುವ ಉದ್ದೇಶ ತಮ್ಮದಾಗಿರಲಿಲ್ಲ ಎಂದು ಸ್ಪಷ್ಟನೆ ನೀಡಿದ್ದಾರೆ.
ಸತ್ಯಸಾಯಿ ಉಪದೇಶ ನಿರಂತರ ದಾರಿದೀಪ
ಪುಟ ೧ರಿಂದ ಮಾನವ ಬದುಕಿನಲ್ಲಿ ಸೇವೆ ಶ್ರೇಷ್ಠವಾದದ್ದು ಎಂದು ಸಾರಿದ ಸತ್ಯಸಾಯಿ ಬಾಬಾ ಅವರ ಉಪದೇಶಗಳು ನಿರಂತರ ದಾರಿದೀಪವಾಗಿವೆ ಎಂದು ಪ್ರಧಾನಿ ನರೇಂದ್ರ ಮೋದಿ ಹೇಳಿದರು. ಒಂದೇ ಚಿಂತನೆ: ಭಾರತೀಯ ಸಂಸ್ಕೃತಿಯ ಮೌಲ್ಯಗಳನ್ನು ಜಗತ್ತಿಗೆ ಪರಿಚಯಿಸಿದ ಸಂತರಲ್ಲಿ ಸತ್ಯಸಾಯಿ ಬಾಬಾ ಪ್ರಮುಖರು. ಶಿಕ್ಷಣ, ಆರೋಗ್ಯ ಹಾಗೂ ಕುಡಿಯುವ ನೀರು ಕ್ಷೇತ್ರಗಳಲ್ಲಿ ಅವರ ಸೇವೆ ಅಪಾರ. ಅಂತಾರಾಷ್ಟ್ರೀಯ ವೇದಿಕೆಗಳಲ್ಲೂ ಚರ್ಚೆಯ ವಿಷಯ: ಸೇವಾ ಮನೋಭಾವದ ಕುರಿತು ಅವರ ಚಿಂತನೆಗಳು ಜಾಗತಿಕ ಮಟ್ಟದಲ್ಲಿ ಚರ್ಚೆಗೆ ಒಳಗಾಗುತ್ತಿವೆ ಎಂದರು.
ಪುಟ್ಟಪರ್ತಿಯಲ್ಲಿ ನಡೆದ ಜನ್ಮಶತಮಾನೋತ್ಸವ ಕಾರ್ಯಕ್ರಮದಲ್ಲಿ ಪಾಲ್ಗೊಂಡ ಪ್ರಧಾನಿ ಗೋವುಗಳಿಗೆ ಆಹಾರ ನೀಡಿದರು. ಆಂಧ್ರಪ್ರದೇಶ ಮುಖ್ಯಮಂತ್ರಿ ಎನ್. ಚಂದ್ರಬಾಬು ನಾಯ್ಡು, ಕೇಂದ್ರ ಸಚಿವರು ಹಾಗೂ ಗಣ್ಯರು ಉಪಸ್ಥಿತರಿದ್ದರು. ಸ್ಮರಣಾರ್ಥ ನಾಣ್ಯ ಹಾಗೂ ಅಂಚೆ ಚೀಟಿ ಬಿಡುಗಡೆ ಮಾಡಲಾಯಿತು.
ಸುಕನ್ಯಾ ಸಮೃದ್ಧಿ ಸ್ಕೀಮ್: 3.25ಲಕ್ಷ ಕೋಟಿ ಠೇವಣಿ
ಹೆಣ್ಣುಮಕ್ಕಳ ಭವಿಷ್ಯಕ್ಕಾಗಿ ಆರಂಭಿಸಲಾದ ಸುಕನ್ಯಾ ಸಮೃದ್ಧಿ ಯೋಜನೆಯಡಿ ಈವರೆಗೆ 3.25 ಲಕ್ಷ ಕೋಟಿ ರೂ. ಠೇವಣಿ ಸಂಗ್ರಹವಾಗಿದೆ. ದೇಶದಾದ್ಯಂತ ಕೋಟ್ಯಂತರ ಖಾತೆಗಳನ್ನು ತೆರೆಯಲಾಗಿದ್ದು ಯೋಜನೆ ಯಶಸ್ವಿಯಾಗಿದೆ. 1000 ಹೆಣ್ಣುಮಕ್ಕಳ ಖಾತೆಗಳನ್ನು ಸತ್ಯಸಾಯಿ ಟ್ರಸ್ಟ್ ವತಿಯಿಂದ ತೆರೆಯಲಾಗುವುದು ಎಂದು ಪ್ರಧಾನಿ ತಿಳಿಸಿದರು. ಸರ್ಕಾರದ ಯೋಜನೆಗಳ ಲಾಭ ಪಡೆಯುವಂತೆ ಜನರಿಗೆ ಸಲಹೆ ನೀಡಿದರು.
ರಾಗಾ ವಿರುದ್ಧ 272 ಗಣ್ಯರ ಬಹಿರಂಗ ಪತ್ರ
■ನವದೆಹಲಿ: ಚುನಾವಣಾ ಆಯೋಗದ ವಿರುದ್ಧ ಆಧಾರರಹಿತ ಆರೋಪ ಮಾಡುತ್ತಿರುವ ಲೋಕಸಭೆ ವಿಪಕ್ಷ ನಾಯಕ ರಾಹುಲ್ ಗಾಂಧಿ ವಿರುದ್ಧ ನಿವೃತ್ತ ನ್ಯಾಯಾಧೀಶರು, ಅಧಿಕಾರಿಗಳು ಸೇರಿದಂತೆ 272 ಗಣ್ಯರು ಬಹಿರಂಗ ಪತ್ರ ಬರೆದಿದ್ದಾರೆ. ಸಾಂವಿಧಾನಿಕ ಸಂಸ್ಥೆಗಳ ಘನತೆಗೆ ಧಕ್ಕೆ ತರುವ ಪ್ರಯತ್ನ ಸರಿಯಲ್ಲ ಎಂದು ಪತ್ರದಲ್ಲಿ ತಿಳಿಸಲಾಗಿದೆ. ಮತಗಳ್ಳತನ ಆರೋಪಕ್ಕೆ ಯಾವುದೇ ಪುರಾವೆ ನೀಡಿಲ್ಲ. ಪ್ರಜಾಪ್ರಭುತ್ವದ ಮೇಲೆ ಜನರ ನಂಬಿಕೆ ಕುಗ್ಗಿಸುವ ಪ್ರಯತ್ನ ನಡೆದಿದೆ ಎಂದು ಗಣ್ಯರು ಆರೋಪಿಸಿದ್ದಾರೆ.
ದಿನೇಶ್ ವಿರುದ್ಧ ಚಾರ್ಜ್‌ಶೀಟ್
■ಬೆಂಗಳೂರು: ಮುಡಾ ಪ್ರಕರಣಕ್ಕೆ ಸಂಬಂಧಿಸಿದಂತೆ ಲೋಕಾಯುಕ್ತ ಪೊಲೀಸರು ಮೈಸೂರು ನಗರಾಭಿವೃದ್ಧಿ ಪ್ರಾಧಿಕಾರದ ಮಾಜಿ ಆಯುಕ್ತ ಜಿ.ಟಿ. ದಿನೇಶ್ ಕುಮಾರ್ ವಿರುದ್ಧ ನ್ಯಾಯಾಲಯಕ್ಕೆ ದೋಷಾರೋಪ ಪಟ್ಟಿ ಸಲ್ಲಿಸಿದ್ದಾರೆ. ಅಕ್ರಮ ನಿವೇಶನ ಹಂಚಿಕೆ ಪ್ರಕರಣದಲ್ಲಿ ತನಿಖೆ ನಡೆಸಲಾಗಿತ್ತು.
ಆದೇಶದನ್ವಯ ತನಿಖೆ ನಡೆಸಿ ವಿಶೇಷ ನ್ಯಾಯಾಲಯಕ್ಕೆ ದೋಷಾರೋಪ ಪಟ್ಟಿ ಸಲ್ಲಿಸಲಾಗಿದೆ. ಪ್ರಕರಣದಲ್ಲಿ ಹಲವು ದಾಖಲೆಗಳನ್ನು ವಶಪಡಿಸಿಕೊಳ್ಳಲಾಗಿತ್ತು. ಜಾರಿ ನಿರ್ದೇಶನಾಲಯವೂ ಪ್ರತ್ಯೇಕ ತನಿಖೆ ನಡೆಸುತ್ತಿದೆ.
ಇಡಿ ಅಧಿಕಾರಿಗಳು ಈ ಹಿಂದೆ ದಿನೇಶ್ ಕುಮಾರ್ ಅವರನ್ನು ಬಂಧಿಸಿದ್ದರು. ಅಕ್ರಮ ಹಣ ವರ್ಗಾವಣೆ ತಡೆ ಕಾಯ್ದೆಯಡಿ ಪ್ರಕರಣ ದಾಖಲಿಸಿಕೊಂಡು ತನಿಖೆ ಮುಂದುವರಿಸಲಾಗಿದೆ.
ಹೆಚ್ಚಿನ ವಿಚಾರಣೆ ಮುಂದಿನ ದಿನಗಳಲ್ಲಿ ನಡೆಯಲಿದೆ ಎಂದು ಮೂಲಗಳು ತಿಳಿಸಿವೆ.
